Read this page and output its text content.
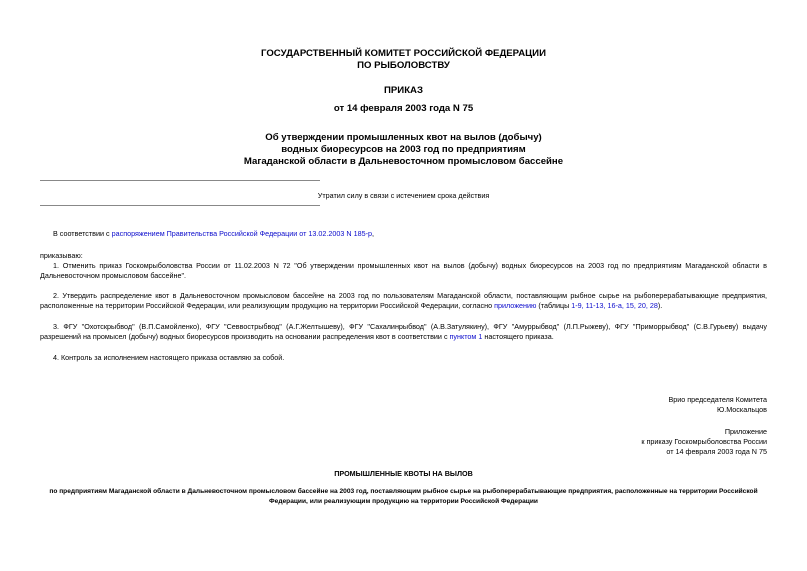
ГОСУДАРСТВЕННЫЙ КОМИТЕТ РОССИЙСКОЙ ФЕДЕРАЦИИ
ПО РЫБОЛОВСТВУ
ПРИКАЗ
от 14 февраля 2003 года N 75
Об утверждении промышленных квот на вылов (добычу)
водных биоресурсов на 2003 год по предприятиям
Магаданской области в Дальневосточном промысловом бассейне
Утратил силу в связи с истечением срока действия
В соответствии с распоряжением Правительства Российской Федерации от 13.02.2003 N 185-р,
приказываю:
1. Отменить приказ Госкомрыболовства России от 11.02.2003 N 72 "Об утверждении промышленных квот на вылов (добычу) водных биоресурсов на 2003 год по предприятиям Магаданской области в Дальневосточном промысловом бассейне".
2. Утвердить распределение квот в Дальневосточном промысловом бассейне на 2003 год по пользователям Магаданской области, поставляющим рыбное сырье на рыбоперерабатывающие предприятия, расположенные на территории Российской Федерации, или реализующим продукцию на территории Российской Федерации, согласно приложению (таблицы 1-9, 11-13, 16-а, 15, 20, 28).
3. ФГУ "Охотскрыбвод" (В.П.Самойленко), ФГУ "Севвострыбвод" (А.Г.Желтышеву), ФГУ "Сахалинрыбвод" (А.В.Затулякину), ФГУ "Амуррыбвод" (Л.П.Рыжеву), ФГУ "Приморрыбвод" (С.В.Гурьеву) выдачу разрешений на промысел (добычу) водных биоресурсов производить на основании распределения квот в соответствии с пунктом 1 настоящего приказа.
4. Контроль за исполнением настоящего приказа оставляю за собой.
Врио председателя Комитета
Ю.Москальцов
Приложение
к приказу Госкомрыболовства России
от 14 февраля 2003 года N 75
ПРОМЫШЛЕННЫЕ КВОТЫ НА ВЫЛОВ
по предприятиям Магаданской области в Дальневосточном промысловом бассейне на 2003 год, поставляющим рыбное сырье на рыбоперерабатывающие предприятия, расположенные на территории Российской
Федерации, или реализующим продукцию на территории Российской Федерации
